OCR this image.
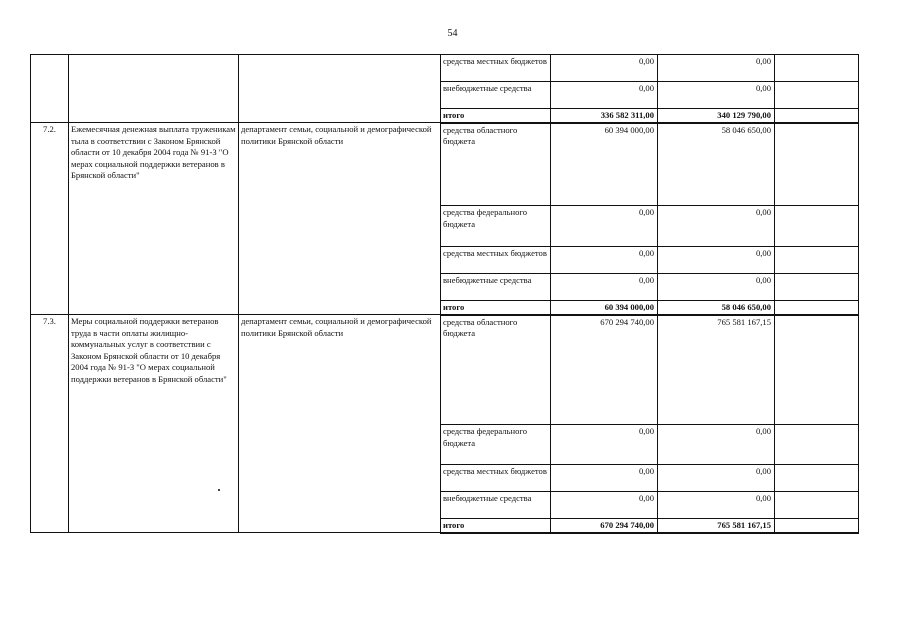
54
			средства местных бюджетов	0,00	0,00	
			внебюджетные средства	0,00	0,00	
			итого	336 582 311,00	340 129 790,00	
7.2.	Ежемесячная денежная выплата труженикам тыла в соответствии с Законом Брянской области от 10 декабря 2004 года № 91-З "О мерах социальной поддержки ветеранов в Брянской области"	департамент семьи, социальной и демографической политики Брянской области	средства областного бюджета	60 394 000,00	58 046 650,00	
			средства федерального бюджета	0,00	0,00	
			средства местных бюджетов	0,00	0,00	
			внебюджетные средства	0,00	0,00	
			итого	60 394 000,00	58 046 650,00	
7.3.	Меры социальной поддержки ветеранов труда в части оплаты жилищно-коммунальных услуг в соответствии с Законом Брянской области от 10 декабря 2004 года № 91-З "О мерах социальной поддержки ветеранов в Брянской области"	департамент семьи, социальной и демографической политики Брянской области	средства областного бюджета	670 294 740,00	765 581 167,15	
			средства федерального бюджета	0,00	0,00	
			средства местных бюджетов	0,00	0,00	
			внебюджетные средства	0,00	0,00	
			итого	670 294 740,00	765 581 167,15	
